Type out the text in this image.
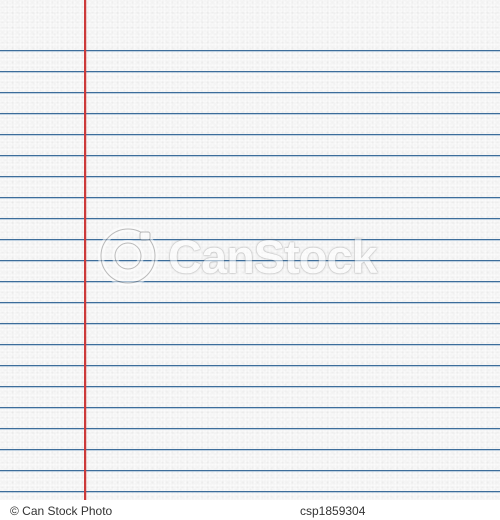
CanStock
© Can Stock Photo	csp1859304
